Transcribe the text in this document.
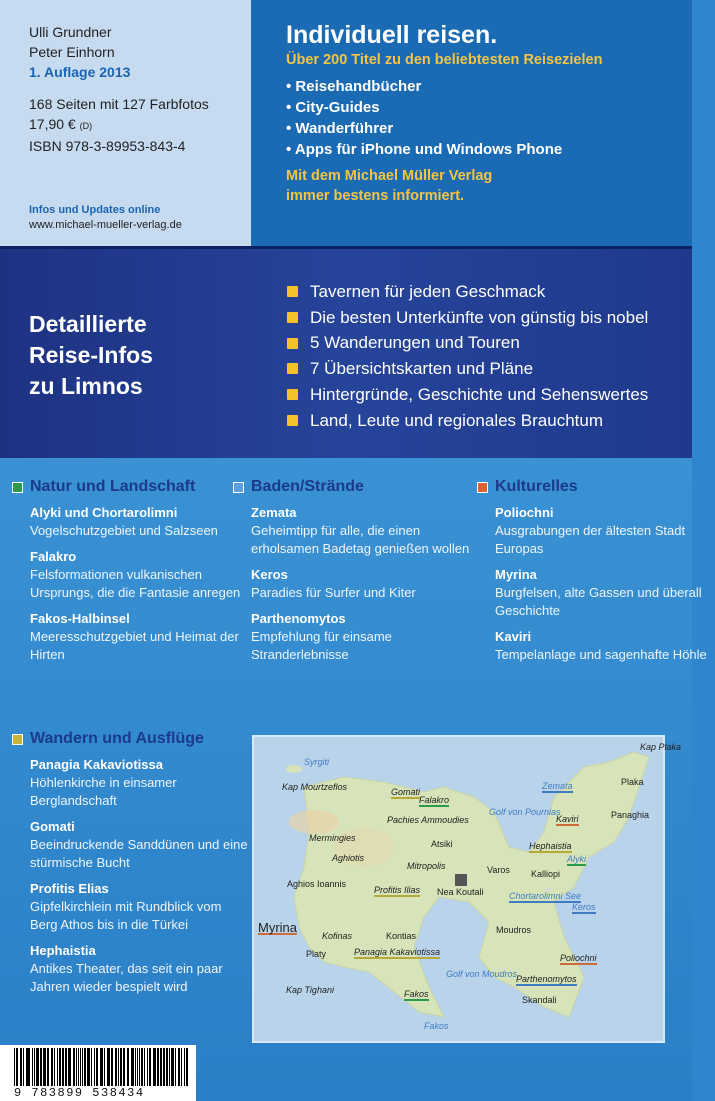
Ulli Grundner
Peter Einhorn
1. Auflage 2013
168 Seiten mit 127 Farbfotos
17,90 € (D)
ISBN 978-3-89953-843-4
Infos und Updates online
www.michael-mueller-verlag.de
Individuell reisen.
Über 200 Titel zu den beliebtesten Reisezielen
• Reisehandbücher
• City-Guides
• Wanderführer
• Apps für iPhone und Windows Phone
Mit dem Michael Müller Verlag
immer bestens informiert.
Detaillierte
Reise-Infos
zu Limnos
Tavernen für jeden Geschmack
Die besten Unterkünfte von günstig bis nobel
5 Wanderungen und Touren
7 Übersichtskarten und Pläne
Hintergründe, Geschichte und Sehenswertes
Land, Leute und regionales Brauchtum
Natur und Landschaft
Alyki und Chortarolimni
Vogelschutzgebiet und Salzseen
Falakro
Felsformationen vulkanischen Ursprungs, die die Fantasie anregen
Fakos-Halbinsel
Meeresschutzgebiet und Heimat der Hirten
Baden/Strände
Zemata
Geheimtipp für alle, die einen erholsamen Badetag genießen wollen
Keros
Paradies für Surfer und Kiter
Parthenomytos
Empfehlung für einsame Stranderlebnisse
Kulturelles
Poliochni
Ausgrabungen der ältesten Stadt Europas
Myrina
Burgfelsen, alte Gassen und überall Geschichte
Kaviri
Tempelanlage und sagenhafte Höhle
Wandern und Ausflüge
Panagia Kakaviotissa
Höhlenkirche in einsamer Berglandschaft
Gomati
Beeindruckende Sanddünen und eine stürmische Bucht
Profitis Elias
Gipfelkirchlein mit Rundblick vom Berg Athos bis in die Türkei
Hephaistia
Antikes Theater, das seit ein paar Jahren wieder bespielt wird
Syrgiti
Kap Mourtzeflos	Gomati
Falakro
Pachies Ammoudies
Mermingies
Aghiotis
Aghios Ioannis
Atsiki
Mitropolis
Profitis Ilias Nea Koutali
Varos
Myrina
Kofinas	Kontias
Platy	Panagia Kakaviotissa
Kap Tighani	Fakos
Fakos
Golf von Moudros
Moudros
Skandali
Parthenomytos
Poliochni
Keros
Chortarolimni See
Kalliopi
Alyki
Hephaistia
Golf von Pournias
Kaviri
Zemata	Plaka
Panaghia
Kap Plaka
9 783899 538434
